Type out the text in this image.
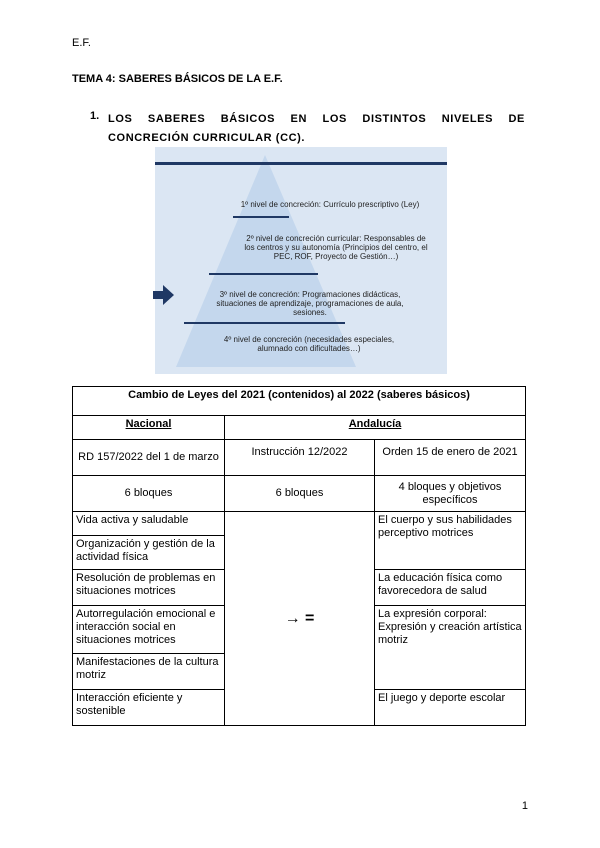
E.F.
TEMA 4: SABERES BÁSICOS DE LA E.F.
1. LOS SABERES BÁSICOS EN LOS DISTINTOS NIVELES DE CONCRECIÓN CURRICULAR (CC).
1º nivel de concreción: Currículo prescriptivo (Ley)
2º nivel de concreción curricular: Responsables de los centros y su autonomía (Principios del centro, el PEC, ROF, Proyecto de Gestión…)
3º nivel de concreción: Programaciones didácticas, situaciones de aprendizaje, programaciones de aula, sesiones.
4º nivel de concreción (necesidades especiales, alumnado con dificultades…)
Cambio de Leyes del 2021 (contenidos) al 2022 (saberes básicos)		
Nacional	Andalucía	
RD 157/2022 del 1 de marzo	Instrucción 12/2022	Orden 15 de enero de 2021
6 bloques	6 bloques	4 bloques y objetivos específicos
Vida activa y saludable	→ =	El cuerpo y sus habilidades perceptivo motrices
Organización y gestión de la actividad física		
Resolución de problemas en situaciones motrices		La educación física como favorecedora de salud
Autorregulación emocional e interacción social en situaciones motrices		La expresión corporal: Expresión y creación artística motriz
Manifestaciones de la cultura motriz		
Interacción eficiente y sostenible		El juego y deporte escolar
1
